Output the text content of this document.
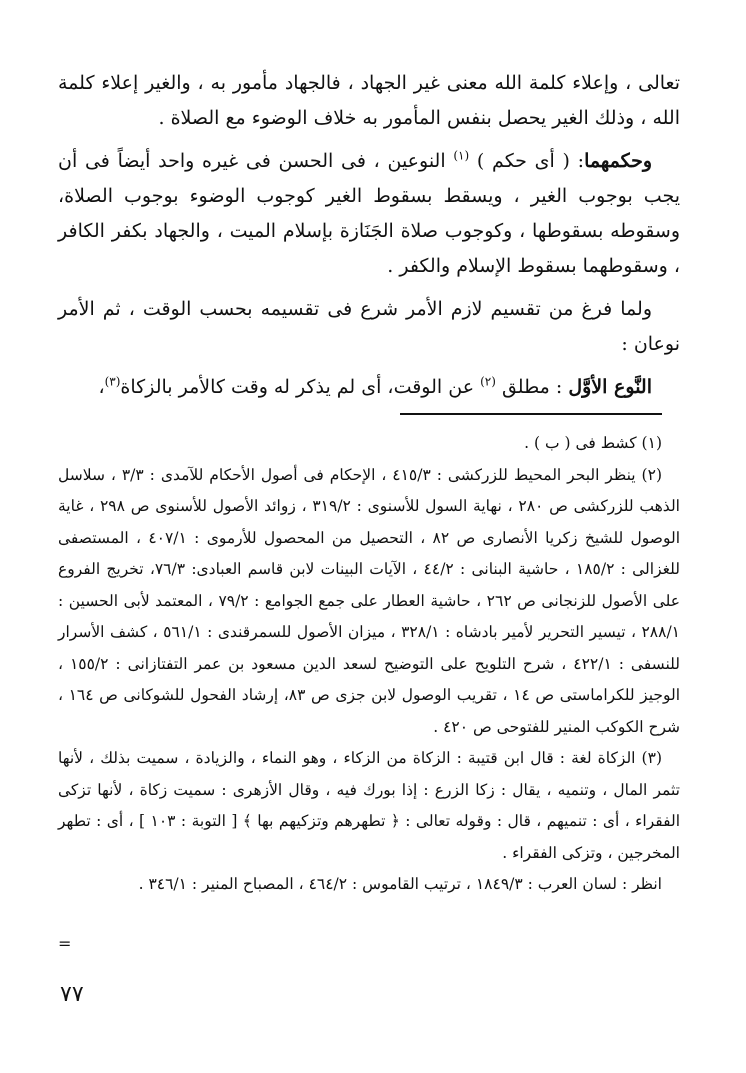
تعالى ، وإعلاء كلمة الله معنى غير الجهاد ، فالجهاد مأمور به ، والغير إعلاء كلمة الله ، وذلك الغير يحصل بنفس المأمور به خلاف الوضوء مع الصلاة .

وحكمهما: ( أى حكم ) $^{(١)}$ النوعين ، فى الحسن فى غيره واحد أيضاً فى أن يجب بوجوب الغير ، ويسقط بسقوط الغير كوجوب الوضوء بوجوب الصلاة، وسقوطه بسقوطها ، وكوجوب صلاة الجَنَازة بإسلام الميت ، والجهاد بكفر الكافر ، وسقوطهما بسقوط الإسلام والكفر .

ولما فرغ من تقسيم لازم الأمر شرع فى تقسيمه بحسب الوقت ، ثم الأمر نوعان :

النَّوع الأوَّل : مطلق $^{(٢)}$ عن الوقت، أى لم يذكر له وقت كالأمر بالزكاة$^{(٣)}$،

(١) كشط فى ( ب ) .

(٢) ينظر البحر المحيط للزركشى : ٤١٥/٣ ، الإحكام فى أصول الأحكام للآمدى : ٣/٣ ، سلاسل الذهب للزركشى ص ٢٨٠ ، نهاية السول للأسنوى : ٣١٩/٢ ، زوائد الأصول للأسنوى ص ٢٩٨ ، غاية الوصول للشيخ زكريا الأنصارى ص ٨٢ ، التحصيل من المحصول للأرموى : ٤٠٧/١ ، المستصفى للغزالى : ١٨٥/٢ ، حاشية البنانى : ٤٤/٢ ، الآيات البينات لابن قاسم العبادى: ٧٦/٣، تخريج الفروع على الأصول للزنجانى ص ٢٦٢ ، حاشية العطار على جمع الجوامع : ٧٩/٢ ، المعتمد لأبى الحسين : ٢٨٨/١ ، تيسير التحرير لأمير بادشاه : ٣٢٨/١ ، ميزان الأصول للسمرقندى : ٥٦١/١ ، كشف الأسرار للنسفى : ٤٢٢/١ ، شرح التلويح على التوضيح لسعد الدين مسعود بن عمر التفتازانى : ١٥٥/٢ ، الوجيز للكراماستى ص ١٤ ، تقريب الوصول لابن جزى ص ٨٣، إرشاد الفحول للشوكانى ص ١٦٤ ، شرح الكوكب المنير للفتوحى ص ٤٢٠ .

(٣) الزكاة لغة : قال ابن قتيبة : الزكاة من الزكاء ، وهو النماء ، والزيادة ، سميت بذلك ، لأنها تثمر المال ، وتنميه ، يقال : زكا الزرع : إذا بورك فيه ، وقال الأزهرى : سميت زكاة ، لأنها تزكى الفقراء ، أى : تنميهم ، قال : وقوله تعالى : ﴿ تطهرهم وتزكيهم بها ﴾ [ التوبة : ١٠٣ ] ، أى : تطهر المخرجين ، وتزكى الفقراء .

انظر : لسان العرب : ١٨٤٩/٣ ، ترتيب القاموس : ٤٦٤/٢ ، المصباح المنير : ٣٤٦/١ .

=
٧٧
